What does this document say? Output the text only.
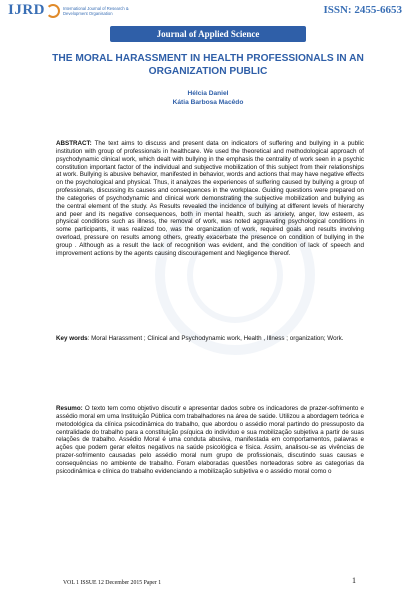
IJRD	International Journal of Research &
Development Organisation	ISSN: 2455-6653
Journal of Applied Science
THE MORAL HARASSMENT IN HEALTH PROFESSIONALS IN AN ORGANIZATION PUBLIC
Hélcia Daniel
Kátia Barbosa Macêdo
ABSTRACT: The text aims to discuss and present data on indicators of suffering and bullying in a public institution with group of professionals in healthcare. We used the theoretical and methodological approach of psychodynamic clinical work, which dealt with bullying in the emphasis the centrality of work seen in a psychic constitution important factor of the individual and subjective mobilization of this subject from their relationships at work. Bullying is abusive behavior, manifested in behavior, words and actions that may have negative effects on the psychological and physical. Thus, it analyzes the experiences of suffering caused by bullying a group of professionals, discussing its causes and consequences in the workplace. Guiding questions were prepared on the categories of psychodynamic and clinical work demonstrating the subjective mobilization and bullying as the central element of the study. As Results revealed the incidence of bullying at different levels of hierarchy and peer and its negative consequences, both in mental health, such as anxiety, anger, low esteem, as physical conditions such as illness, the removal of work, was noted aggravating psychological conditions in some participants, it was realized too, was the organization of work, required goals and results involving overload, pressure on results among others, greatly exacerbate the presence on condition of bullying in the group . Although as a result the lack of recognition was evident, and the condition of lack of speech and improvement actions by the agents causing discouragement and Negligence thereof.
Key words: Moral Harassment ; Clinical and Psychodynamic work, Health , Illness ; organization; Work.
Resumo: O texto tem como objetivo discutir e apresentar dados sobre os indicadores de prazer-sofrimento e assédio moral em uma Instituição Pública com trabalhadores na área de saúde. Utilizou a abordagem teórica e metodológica da clínica psicodinâmica do trabalho, que abordou o assédio moral partindo do pressuposto da centralidade do trabalho para a constituição psíquica do indivíduo e sua mobilização subjetiva a partir de suas relações de trabalho. Assédio Moral é uma conduta abusiva, manifestada em comportamentos, palavras e ações que podem gerar efeitos negativos na saúde psicológica e física. Assim, analisou-se as vivências de prazer-sofrimento causadas pelo assédio moral num grupo de profissionais, discutindo suas causas e consequências no ambiente de trabalho. Foram elaboradas questões norteadoras sobre as categorias da psicodinâmica e clínica do trabalho evidenciando a mobilização subjetiva e o assédio moral como o
VOL 1 ISSUE 12 December 2015 Paper 1	1
